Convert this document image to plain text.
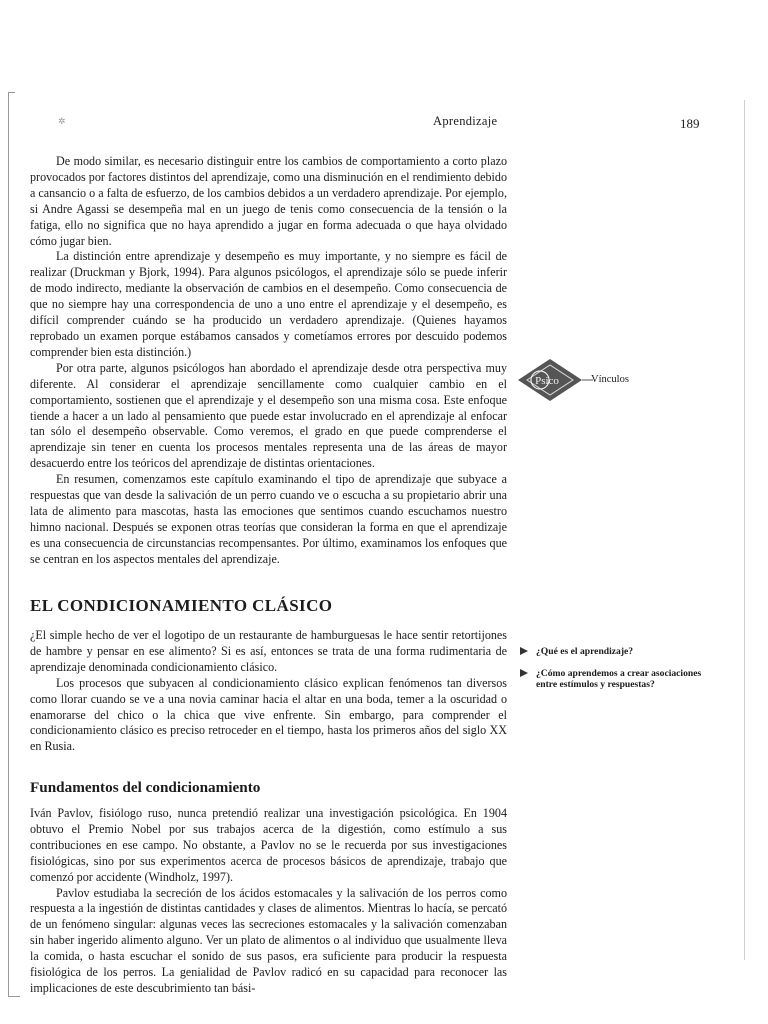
✲	Aprendizaje	189

De modo similar, es necesario distinguir entre los cambios de comportamiento a corto plazo provocados por factores distintos del aprendizaje, como una disminución en el rendimiento debido a cansancio o a falta de esfuerzo, de los cambios debidos a un verdadero aprendizaje. Por ejemplo, si Andre Agassi se desempeña mal en un juego de tenis como consecuencia de la tensión o la fatiga, ello no significa que no haya aprendido a jugar en forma adecuada o que haya olvidado cómo jugar bien.

La distinción entre aprendizaje y desempeño es muy importante, y no siempre es fácil de realizar (Druckman y Bjork, 1994). Para algunos psicólogos, el aprendizaje sólo se puede inferir de modo indirecto, mediante la observación de cambios en el desempeño. Como consecuencia de que no siempre hay una correspondencia de uno a uno entre el aprendizaje y el desempeño, es difícil comprender cuándo se ha producido un verdadero aprendizaje. (Quienes hayamos reprobado un examen porque estábamos cansados y cometíamos errores por descuido podemos comprender bien esta distinción.)

Por otra parte, algunos psicólogos han abordado el aprendizaje desde otra perspectiva muy diferente. Al considerar el aprendizaje sencillamente como cualquier cambio en el comportamiento, sostienen que el aprendizaje y el desempeño son una misma cosa. Este enfoque tiende a hacer a un lado al pensamiento que puede estar involucrado en el aprendizaje al enfocar tan sólo el desempeño observable. Como veremos, el grado en que puede comprenderse el aprendizaje sin tener en cuenta los procesos mentales representa una de las áreas de mayor desacuerdo entre los teóricos del aprendizaje de distintas orientaciones.

En resumen, comenzamos este capítulo examinando el tipo de aprendizaje que subyace a respuestas que van desde la salivación de un perro cuando ve o escucha a su propietario abrir una lata de alimento para mascotas, hasta las emociones que sentimos cuando escuchamos nuestro himno nacional. Después se exponen otras teorías que consideran la forma en que el aprendizaje es una consecuencia de circunstancias recompensantes. Por último, examinamos los enfoques que se centran en los aspectos mentales del aprendizaje.

EL CONDICIONAMIENTO CLÁSICO

¿El simple hecho de ver el logotipo de un restaurante de hamburguesas le hace sentir retortijones de hambre y pensar en ese alimento? Si es así, entonces se trata de una forma rudimentaria de aprendizaje denominada condicionamiento clásico.

Los procesos que subyacen al condicionamiento clásico explican fenómenos tan diversos como llorar cuando se ve a una novia caminar hacia el altar en una boda, temer a la oscuridad o enamorarse del chico o la chica que vive enfrente. Sin embargo, para comprender el condicionamiento clásico es preciso retroceder en el tiempo, hasta los primeros años del siglo XX en Rusia.

Fundamentos del condicionamiento

Iván Pavlov, fisiólogo ruso, nunca pretendió realizar una investigación psicológica. En 1904 obtuvo el Premio Nobel por sus trabajos acerca de la digestión, como estímulo a sus contribuciones en ese campo. No obstante, a Pavlov no se le recuerda por sus investigaciones fisiológicas, sino por sus experimentos acerca de procesos básicos de aprendizaje, trabajo que comenzó por accidente (Windholz, 1997).

Pavlov estudiaba la secreción de los ácidos estomacales y la salivación de los perros como respuesta a la ingestión de distintas cantidades y clases de alimentos. Mientras lo hacía, se percató de un fenómeno singular: algunas veces las secreciones estomacales y la salivación comenzaban sin haber ingerido alimento alguno. Ver un plato de alimentos o al individuo que usualmente lleva la comida, o hasta escuchar el sonido de sus pasos, era suficiente para producir la respuesta fisiológica de los perros. La genialidad de Pavlov radicó en su capacidad para reconocer las implicaciones de este descubrimiento tan bási-

Psico	Vínculos
¿Qué es el aprendizaje?
¿Cómo aprendemos a crear asociaciones entre estímulos y respuestas?
